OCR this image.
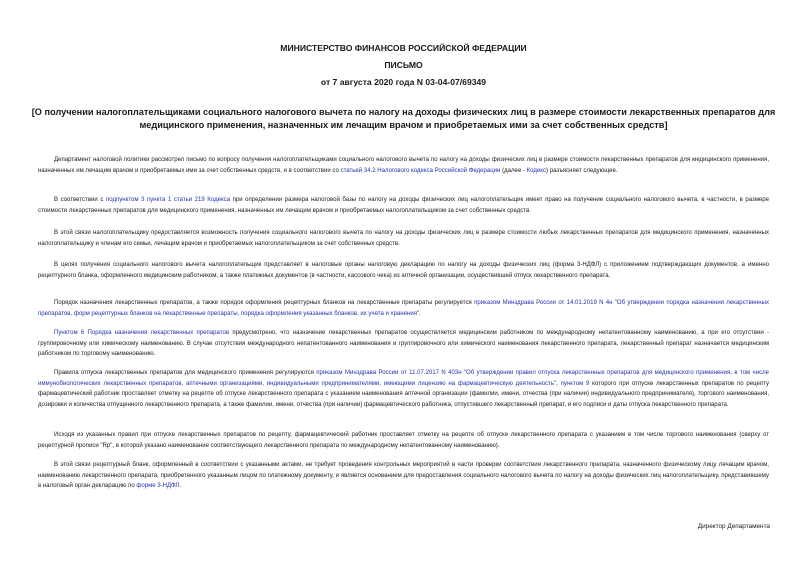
МИНИСТЕРСТВО ФИНАНСОВ РОССИЙСКОЙ ФЕДЕРАЦИИ
ПИСЬМО
от 7 августа 2020 года N 03-04-07/69349
[О получении налогоплательщиками социального налогового вычета по налогу на доходы физических лиц в размере стоимости лекарственных препаратов для медицинского применения, назначенных им лечащим врачом и приобретаемых ими за счет собственных средств]
Департамент налоговой политики рассмотрел письмо по вопросу получения налогоплательщиками социального налогового вычета по налогу на доходы физических лиц в размере стоимости лекарственных препаратов для медицинского применения, назначенных им лечащим врачом и приобретаемых ими за счет собственных средств, и в соответствии со статьей 34.2 Налогового кодекса Российской Федерации (далее - Кодекс) разъясняет следующее.
В соответствии с подпунктом 3 пункта 1 статьи 219 Кодекса при определении размера налоговой базы по налогу на доходы физических лиц налогоплательщик имеет право на получение социального налогового вычета, в частности, в размере стоимости лекарственных препаратов для медицинского применения, назначенных им лечащим врачом и приобретаемых налогоплательщиком за счет собственных средств.
В этой связи налогоплательщику предоставляется возможность получения социального налогового вычета по налогу на доходы физических лиц в размере стоимости любых лекарственных препаратов для медицинского применения, назначенных налогоплательщику и членам его семьи, лечащим врачом и приобретаемых налогоплательщиком за счет собственных средств.
В целях получения социального налогового вычета налогоплательщик представляет в налоговые органы налоговую декларацию по налогу на доходы физических лиц (форма 3-НДФЛ) с приложением подтверждающих документов, а именно рецептурного бланка, оформленного медицинским работником, а также платежных документов (в частности, кассового чека) из аптечной организации, осуществившей отпуск лекарственного препарата.
Порядок назначения лекарственных препаратов, а также порядок оформления рецептурных бланков на лекарственные препараты регулируется приказом Минздрава России от 14.01.2019 N 4н "Об утверждении порядка назначения лекарственных препаратов, форм рецептурных бланков на лекарственные препараты, порядка оформления указанных бланков, их учета и хранения".
Пунктом 6 Порядка назначения лекарственных препаратов предусмотрено, что назначение лекарственных препаратов осуществляется медицинским работником по международному непатентованному наименованию, а при его отсутствии - группировочному или химическому наименованию. В случае отсутствия международного непатентованного наименования и группировочного или химического наименования лекарственного препарата, лекарственный препарат назначается медицинским работником по торговому наименованию.
Правила отпуска лекарственных препаратов для медицинского применения регулируются приказом Минздрава России от 11.07.2017 N 403н "Об утверждении правил отпуска лекарственных препаратов для медицинского применения, в том числе иммунобиологических лекарственных препаратов, аптечными организациями, индивидуальными предпринимателями, имеющими лицензию на фармацевтическую деятельность", пунктом 9 которого при отпуске лекарственных препаратов по рецепту фармацевтический работник проставляет отметку на рецепте об отпуске лекарственного препарата с указанием наименования аптечной организации (фамилии, имени, отчества (при наличии) индивидуального предпринимателя), торгового наименования, дозировки и количества отпущенного лекарственного препарата, а также фамилии, имени, отчества (при наличии) фармацевтического работника, отпустившего лекарственный препарат, и его подписи и даты отпуска лекарственного препарата.
Исходя из указанных правил при отпуске лекарственных препаратов по рецепту, фармацевтический работник проставляет отметку на рецепте об отпуске лекарственного препарата с указанием в том числе торгового наименования (сверху от рецептурной прописи "Rp", в которой указано наименование соответствующего лекарственного препарата по международному непатентованному наименованию).
В этой связи рецептурный бланк, оформленный в соответствии с указанными актами, не требует проведения контрольных мероприятий в части проверки соответствия лекарственного препарата, назначенного физическому лицу лечащим врачом, наименованию лекарственного препарата, приобретенного указанным лицом по платежному документу, и является основанием для предоставления социального налогового вычета по налогу на доходы физических лиц налогоплательщику, представившему в налоговый орган декларацию по форме 3-НДФЛ.
Директор Департамента
